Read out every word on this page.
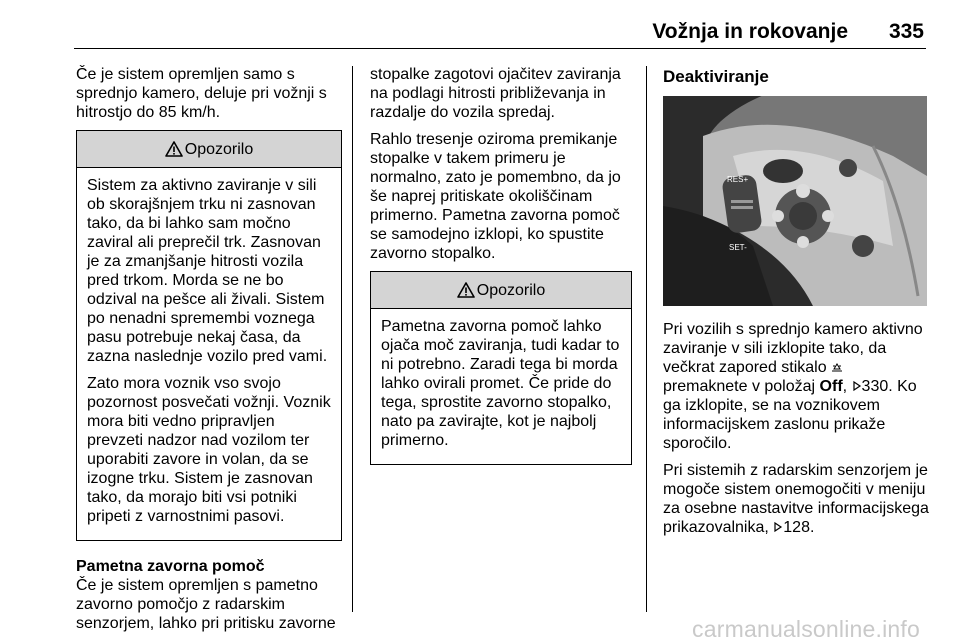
Vožnja in rokovanje 335

Če je sistem opremljen samo s sprednjo kamero, deluje pri vožnji s hitrostjo do 85 km/h.

Opozorilo

Sistem za aktivno zaviranje v sili ob skorajšnjem trku ni zasnovan tako, da bi lahko sam močno zaviral ali preprečil trk. Zasnovan je za zmanjšanje hitrosti vozila pred trkom. Morda se ne bo odzival na pešce ali živali. Sistem po nenadni spremembi voznega pasu potrebuje nekaj časa, da zazna naslednje vozilo pred vami.

Zato mora voznik vso svojo pozornost posvečati vožnji. Voznik mora biti vedno pripravljen prevzeti nadzor nad vozilom ter uporabiti zavore in volan, da se izogne trku. Sistem je zasnovan tako, da morajo biti vsi potniki pripeti z varnostnimi pasovi.

Pametna zavorna pomoč

Če je sistem opremljen s pametno zavorno pomočjo z radarskim senzorjem, lahko pri pritisku zavorne

stopalke zagotovi ojačitev zaviranja na podlagi hitrosti približevanja in razdalje do vozila spredaj.

Rahlo tresenje oziroma premikanje stopalke v takem primeru je normalno, zato je pomembno, da jo še naprej pritiskate okoliščinam primerno. Pametna zavorna pomoč se samodejno izklopi, ko spustite zavorno stopalko.

Opozorilo

Pametna zavorna pomoč lahko ojača moč zaviranja, tudi kadar to ni potrebno. Zaradi tega bi morda lahko ovirali promet. Če pride do tega, sprostite zavorno stopalko, nato pa zavirajte, kot je najbolj primerno.

Deaktiviranje
RES+
SET-

Pri vozilih s sprednjo kamero aktivno zaviranje v sili izklopite tako, da večkrat zapored stikalo
premaknete v položaj Off, 330. Ko ga izklopite, se na voznikovem informacijskem zaslonu prikaže sporočilo.

Pri sistemih z radarskim senzorjem je mogoče sistem onemogočiti v meniju za osebne nastavitve informacijskega prikazovalnika, 128.

carmanualsonline.info
